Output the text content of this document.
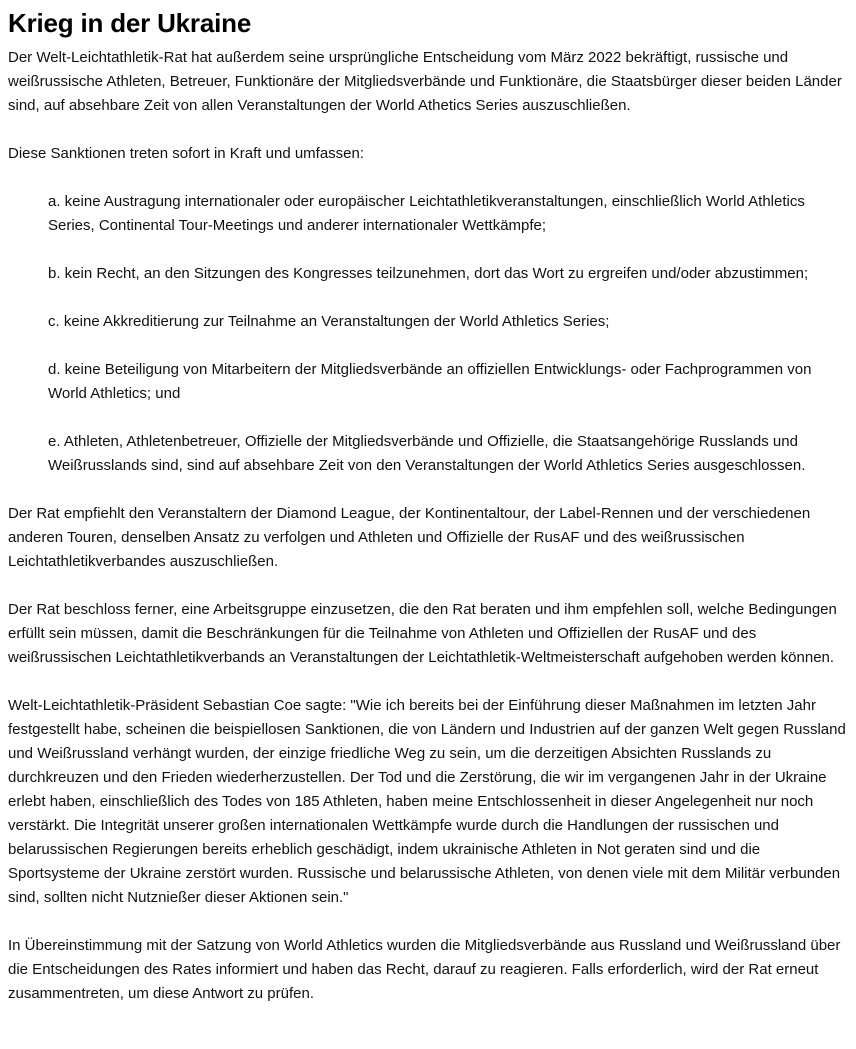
Krieg in der Ukraine

Der Welt-Leichtathletik-Rat hat außerdem seine ursprüngliche Entscheidung vom März 2022 bekräftigt, russische und weißrussische Athleten, Betreuer, Funktionäre der Mitgliedsverbände und Funktionäre, die Staatsbürger dieser beiden Länder sind, auf absehbare Zeit von allen Veranstaltungen der World Athetics Series auszuschließen.

Diese Sanktionen treten sofort in Kraft und umfassen:

a. keine Austragung internationaler oder europäischer Leichtathletikveranstaltungen, einschließlich World Athletics Series, Continental Tour-Meetings und anderer internationaler Wettkämpfe;

b. kein Recht, an den Sitzungen des Kongresses teilzunehmen, dort das Wort zu ergreifen und/oder abzustimmen;

c. keine Akkreditierung zur Teilnahme an Veranstaltungen der World Athletics Series;

d. keine Beteiligung von Mitarbeitern der Mitgliedsverbände an offiziellen Entwicklungs- oder Fachprogrammen von World Athletics; und

e. Athleten, Athletenbetreuer, Offizielle der Mitgliedsverbände und Offizielle, die Staatsangehörige Russlands und Weißrusslands sind, sind auf absehbare Zeit von den Veranstaltungen der World Athletics Series ausgeschlossen.

Der Rat empfiehlt den Veranstaltern der Diamond League, der Kontinentaltour, der Label-Rennen und der verschiedenen anderen Touren, denselben Ansatz zu verfolgen und Athleten und Offizielle der RusAF und des weißrussischen Leichtathletikverbandes auszuschließen.

Der Rat beschloss ferner, eine Arbeitsgruppe einzusetzen, die den Rat beraten und ihm empfehlen soll, welche Bedingungen erfüllt sein müssen, damit die Beschränkungen für die Teilnahme von Athleten und Offiziellen der RusAF und des weißrussischen Leichtathletikverbands an Veranstaltungen der Leichtathletik-Weltmeisterschaft aufgehoben werden können.

Welt-Leichtathletik-Präsident Sebastian Coe sagte: "Wie ich bereits bei der Einführung dieser Maßnahmen im letzten Jahr festgestellt habe, scheinen die beispiellosen Sanktionen, die von Ländern und Industrien auf der ganzen Welt gegen Russland und Weißrussland verhängt wurden, der einzige friedliche Weg zu sein, um die derzeitigen Absichten Russlands zu durchkreuzen und den Frieden wiederherzustellen. Der Tod und die Zerstörung, die wir im vergangenen Jahr in der Ukraine erlebt haben, einschließlich des Todes von 185 Athleten, haben meine Entschlossenheit in dieser Angelegenheit nur noch verstärkt. Die Integrität unserer großen internationalen Wettkämpfe wurde durch die Handlungen der russischen und belarussischen Regierungen bereits erheblich geschädigt, indem ukrainische Athleten in Not geraten sind und die Sportsysteme der Ukraine zerstört wurden. Russische und belarussische Athleten, von denen viele mit dem Militär verbunden sind, sollten nicht Nutznießer dieser Aktionen sein."

In Übereinstimmung mit der Satzung von World Athletics wurden die Mitgliedsverbände aus Russland und Weißrussland über die Entscheidungen des Rates informiert und haben das Recht, darauf zu reagieren. Falls erforderlich, wird der Rat erneut zusammentreten, um diese Antwort zu prüfen.
